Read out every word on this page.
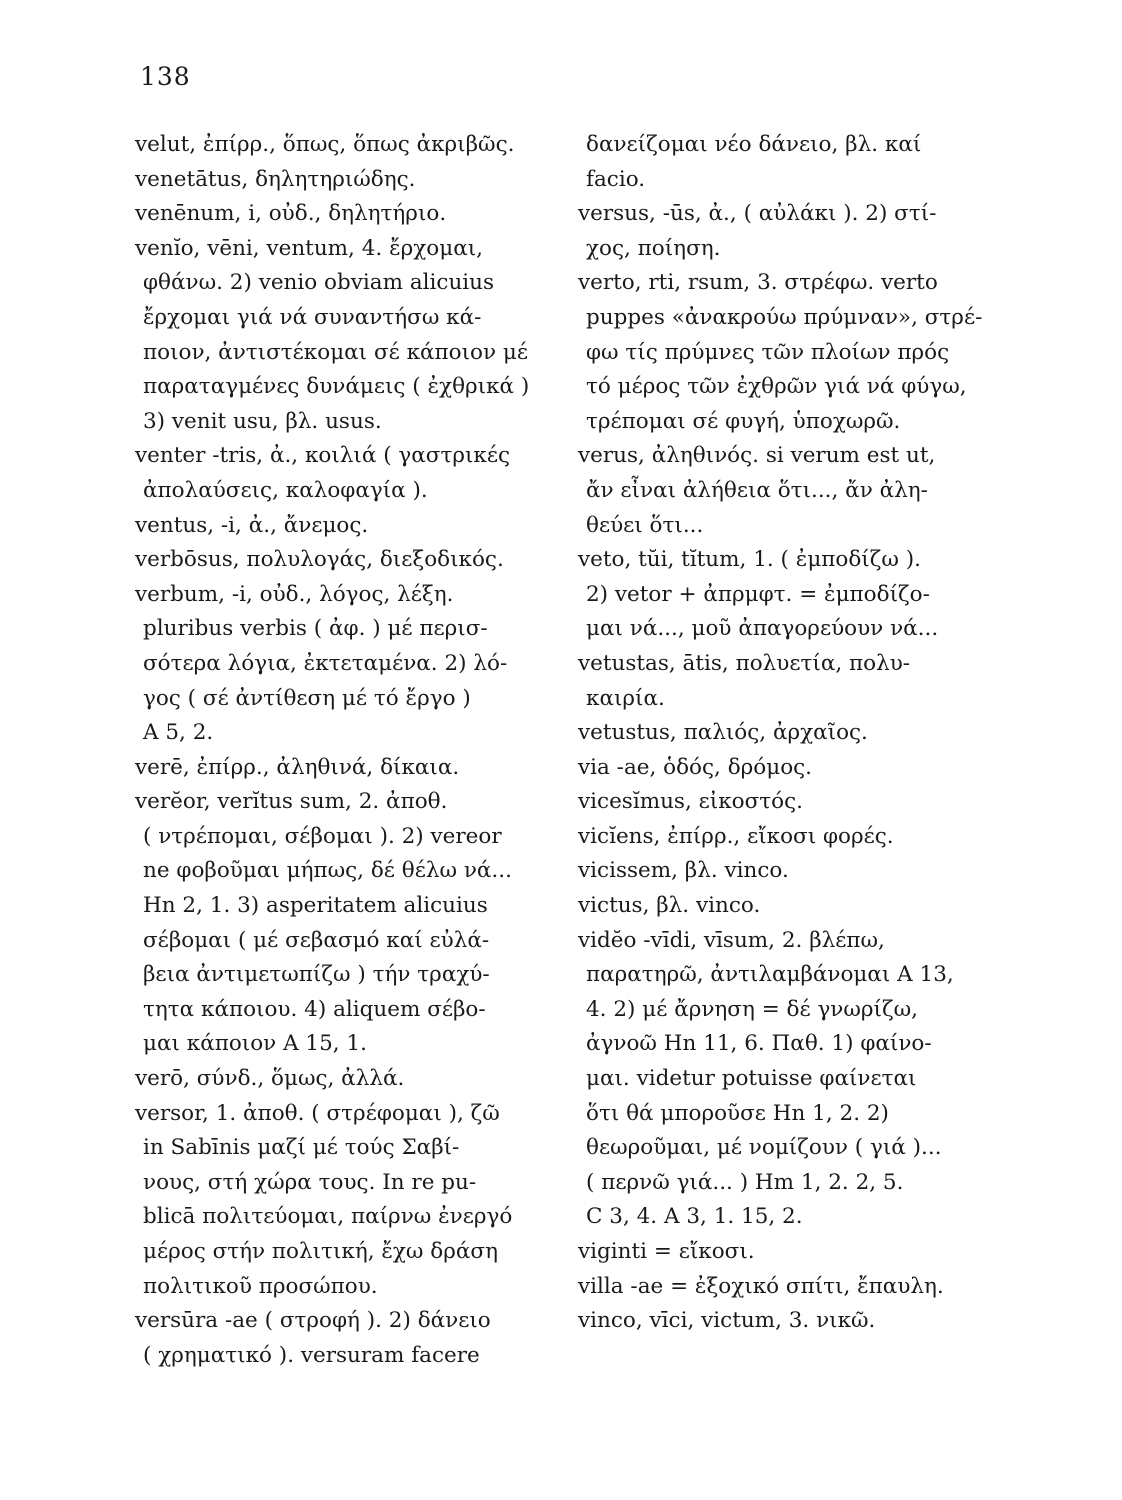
138
velut, ἐπίρρ., ὅπως, ὅπως ἀκριβῶς.
venetātus, δηλητηριώδης.
venēnum, i, οὐδ., δηλητήριο.
venĭo, vēni, ventum, 4. ἔρχομαι,
φθάνω. 2) venio obviam alicuius
ἔρχομαι γιά νά συναντήσω κά-
ποιον, ἀντιστέκομαι σέ κάποιον μέ
παραταγμένες δυνάμεις ( ἐχθρικά )
3) venit usu, βλ. usus.
venter -tris, ἀ., κοιλιά ( γαστρικές
ἀπολαύσεις, καλοφαγία ).
ventus, -i, ἀ., ἄνεμος.
verbōsus, πολυλογάς, διεξοδικός.
verbum, -i, οὐδ., λόγος, λέξη.
pluribus verbis ( ἀφ. ) μέ περισ-
σότερα λόγια, ἐκτεταμένα. 2) λό-
γος ( σέ ἀντίθεση μέ τό ἔργο )
A 5, 2.
verē, ἐπίρρ., ἀληθινά, δίκαια.
verĕor, verĭtus sum, 2. ἀποθ.
( ντρέπομαι, σέβομαι ). 2) vereor
ne φοβοῦμαι μήπως, δέ θέλω νά...
Hn 2, 1. 3) asperitatem alicuius
σέβομαι ( μέ σεβασμό καί εὐλά-
βεια ἀντιμετωπίζω ) τήν τραχύ-
τητα κάποιου. 4) aliquem σέβο-
μαι κάποιον A 15, 1.
verō, σύνδ., ὅμως, ἀλλά.
versor, 1. ἀποθ. ( στρέφομαι ), ζῶ
in Sabīnis μαζί μέ τούς Σαβί-
νους, στή χώρα τους. In re pu-
blicā πολιτεύομαι, παίρνω ἐνεργό
μέρος στήν πολιτική, ἔχω δράση
πολιτικοῦ προσώπου.
versūra -ae ( στροφή ). 2) δάνειο
( χρηματικό ). versuram facere
δανείζομαι νέο δάνειο, βλ. καί
facio.
versus, -ūs, ἀ., ( αὐλάκι ). 2) στί-
χος, ποίηση.
verto, rti, rsum, 3. στρέφω. verto
puppes «ἀνακρούω πρύμναν», στρέ-
φω τίς πρύμνες τῶν πλοίων πρός
τό μέρος τῶν ἐχθρῶν γιά νά φύγω,
τρέπομαι σέ φυγή, ὑποχωρῶ.
verus, ἀληθινός. si verum est ut,
ἄν εἶναι ἀλήθεια ὅτι..., ἄν ἀλη-
θεύει ὅτι...
veto, tŭi, tĭtum, 1. ( ἐμποδίζω ).
2) vetor + ἀπρμφτ. = ἐμποδίζο-
μαι νά..., μοῦ ἀπαγορεύουν νά...
vetustas, ātis, πολυετία, πολυ-
καιρία.
vetustus, παλιός, ἀρχαῖος.
via -ae, ὁδός, δρόμος.
vicesĭmus, εἰκοστός.
vicĭens, ἐπίρρ., εἴκοσι φορές.
vicissem, βλ. vinco.
victus, βλ. vinco.
vidĕo -vīdi, vīsum, 2. βλέπω,
παρατηρῶ, ἀντιλαμβάνομαι A 13,
4. 2) μέ ἄρνηση = δέ γνωρίζω,
ἀγνοῶ Hn 11, 6. Παθ. 1) φαίνο-
μαι. videtur potuisse φαίνεται
ὅτι θά μποροῦσε Hn 1, 2. 2)
θεωροῦμαι, μέ νομίζουν ( γιά )...
( περνῶ γιά... ) Hm 1, 2. 2, 5.
C 3, 4. A 3, 1. 15, 2.
viginti = εἴκοσι.
villa -ae = ἐξοχικό σπίτι, ἔπαυλη.
vinco, vīci, victum, 3. νικῶ.
